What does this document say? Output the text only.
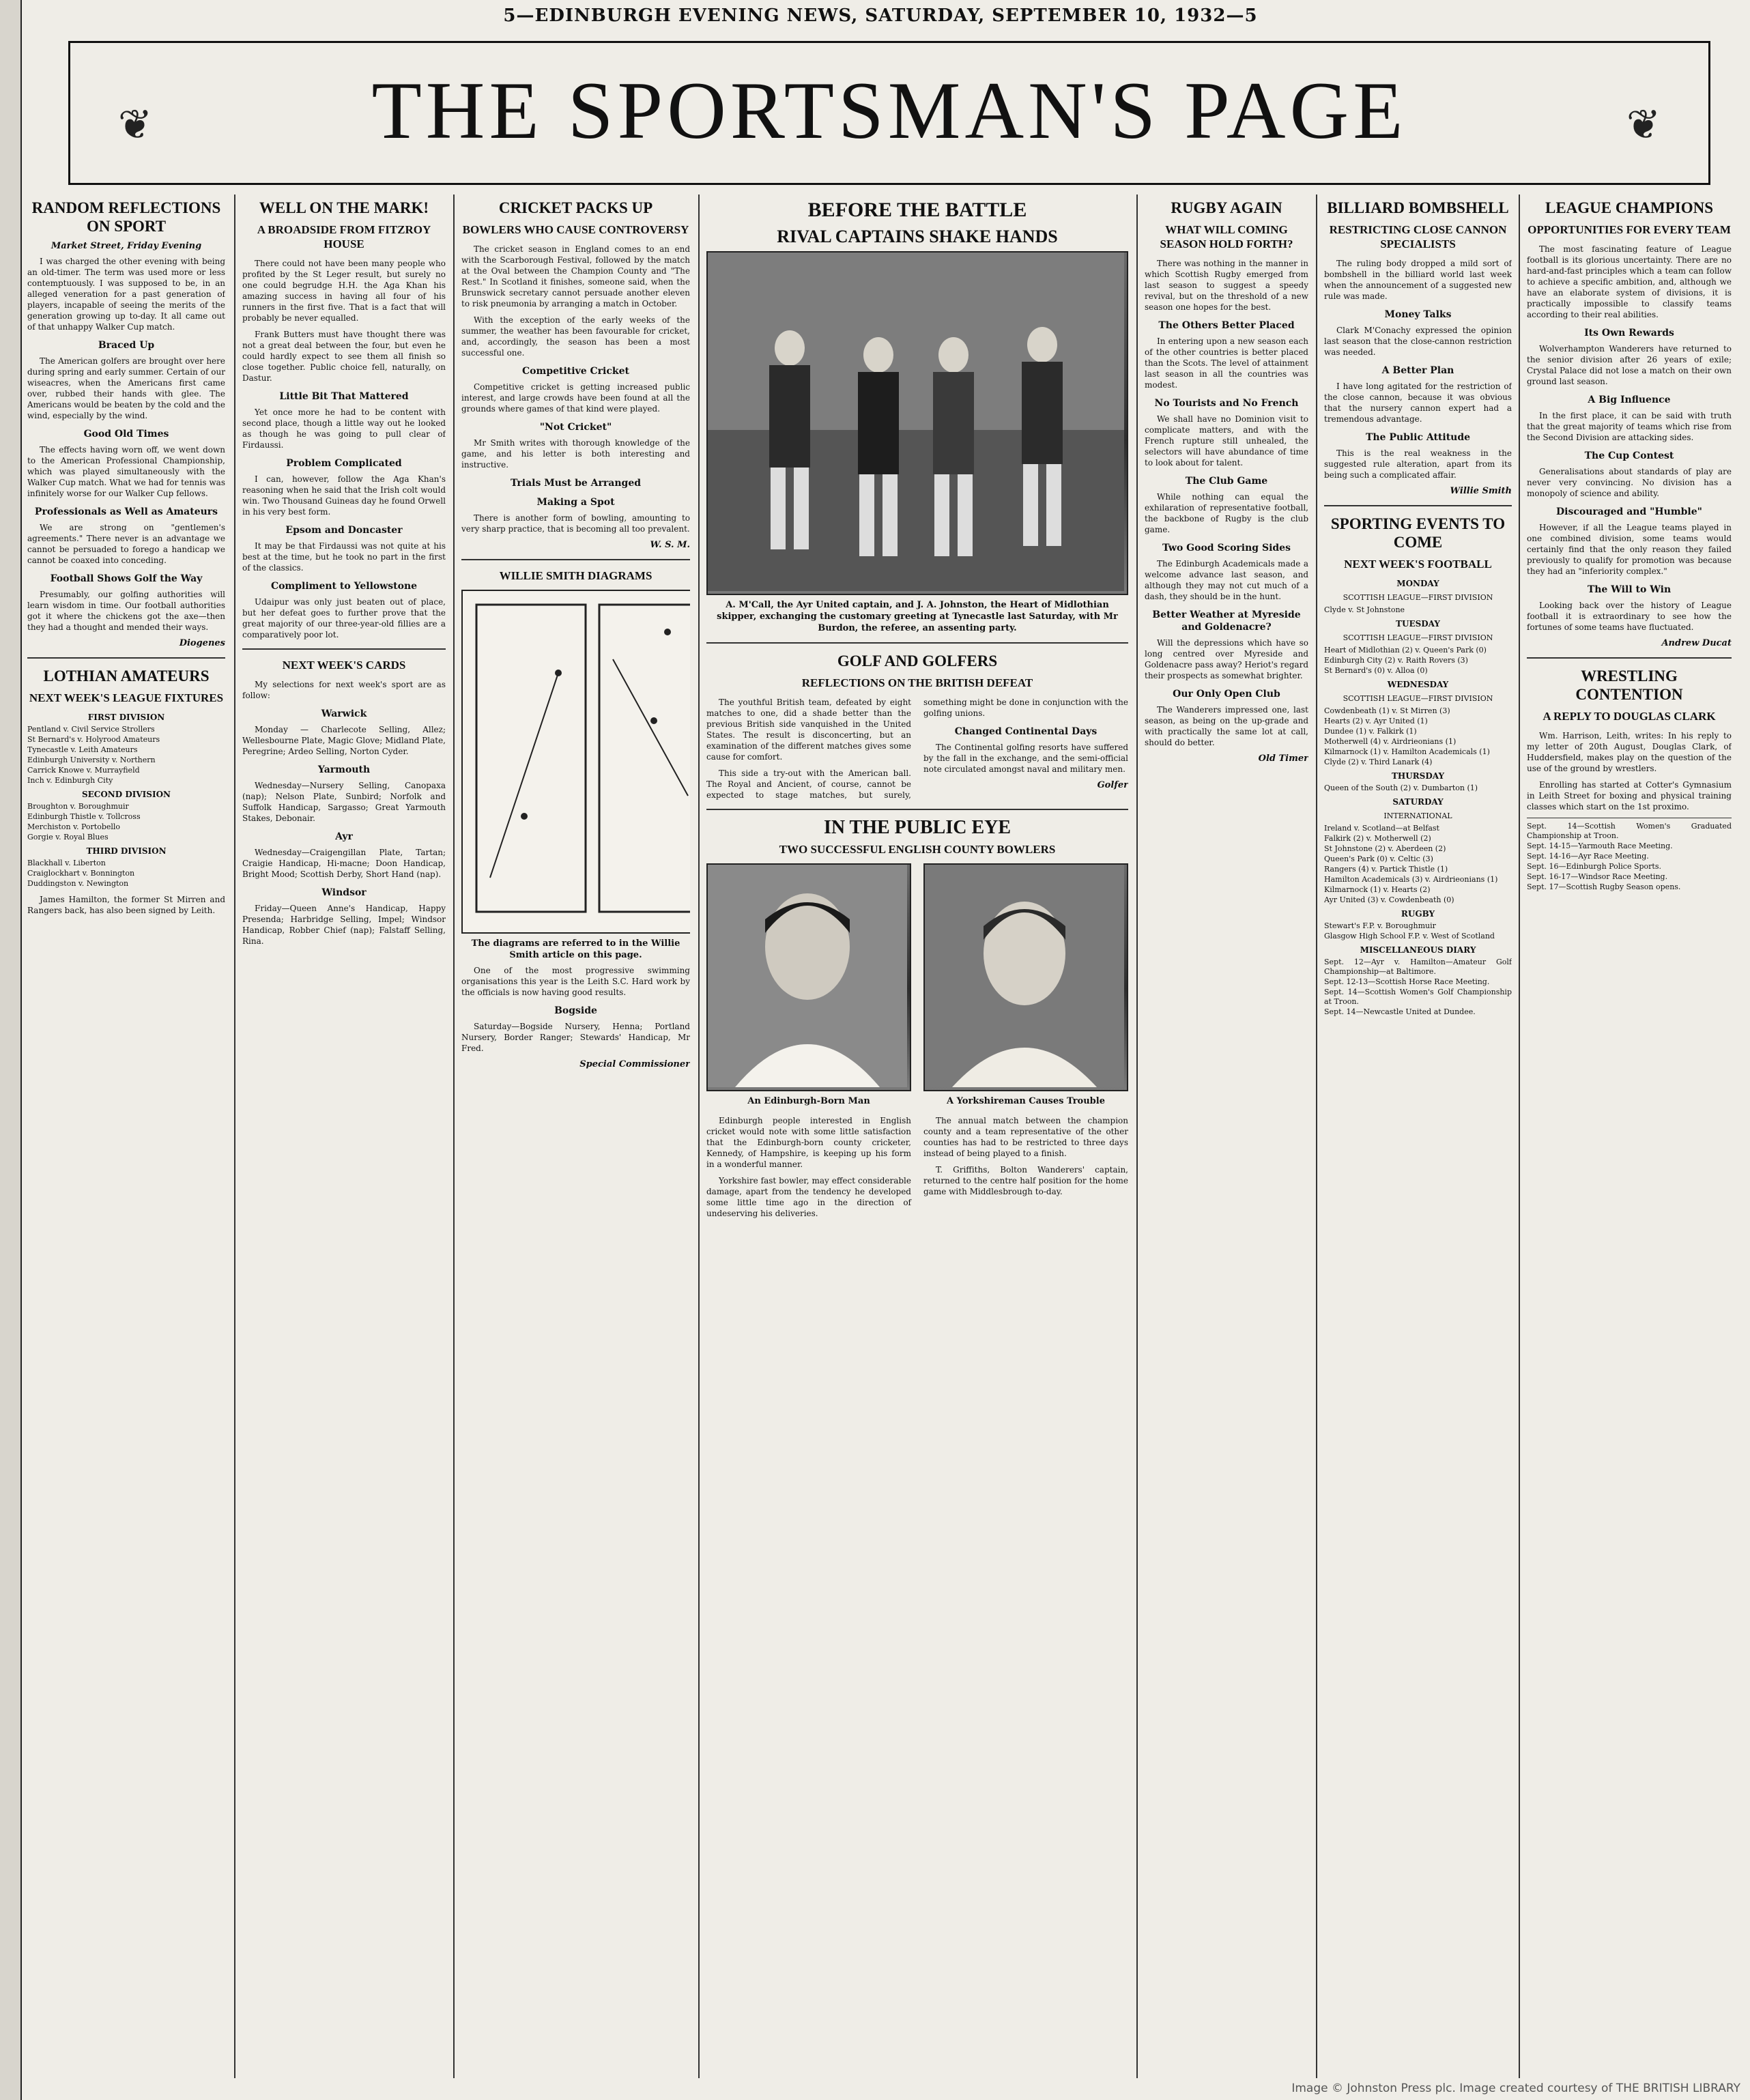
5—EDINBURGH EVENING NEWS, SATURDAY, SEPTEMBER 10, 1932—5
❦	THE SPORTSMAN'S PAGE	❦
RANDOM REFLECTIONS ON SPORT
Market Street, Friday Evening

I was charged the other evening with being an old-timer. The term was used more or less contemptuously. I was supposed to be, in an alleged veneration for a past generation of players, incapable of seeing the merits of the generation growing up to-day. It all came out of that unhappy Walker Cup match.

Braced Up

The American golfers are brought over here during spring and early summer. Certain of our wiseacres, when the Americans first came over, rubbed their hands with glee. The Americans would be beaten by the cold and the wind, especially by the wind.

Good Old Times

The effects having worn off, we went down to the American Professional Championship, which was played simultaneously with the Walker Cup match. What we had for tennis was infinitely worse for our Walker Cup fellows.

Professionals as Well as Amateurs

We are strong on "gentlemen's agreements." There never is an advantage we cannot be persuaded to forego a handicap we cannot be coaxed into conceding.

Football Shows Golf the Way

Presumably, our golfing authorities will learn wisdom in time. Our football authorities got it where the chickens got the axe—then they had a thought and mended their ways.

Diogenes
LOTHIAN AMATEURS
NEXT WEEK'S LEAGUE FIXTURES
FIRST DIVISION
Pentland v. Civil Service Strollers
St Bernard's v. Holyrood Amateurs
Tynecastle v. Leith Amateurs
Edinburgh University v. Northern
Carrick Knowe v. Murrayfield
Inch v. Edinburgh City
SECOND DIVISION
Broughton v. Boroughmuir
Edinburgh Thistle v. Tollcross
Merchiston v. Portobello
Gorgie v. Royal Blues
THIRD DIVISION
Blackhall v. Liberton
Craiglockhart v. Bonnington
Duddingston v. Newington

James Hamilton, the former St Mirren and Rangers back, has also been signed by Leith.

WELL ON THE MARK!
A BROADSIDE FROM FITZROY HOUSE

There could not have been many people who profited by the St Leger result, but surely no one could begrudge H.H. the Aga Khan his amazing success in having all four of his runners in the first five. That is a fact that will probably be never equalled.

Frank Butters must have thought there was not a great deal between the four, but even he could hardly expect to see them all finish so close together. Public choice fell, naturally, on Dastur.

Little Bit That Mattered

Yet once more he had to be content with second place, though a little way out he looked as though he was going to pull clear of Firdaussi.

Problem Complicated

I can, however, follow the Aga Khan's reasoning when he said that the Irish colt would win. Two Thousand Guineas day he found Orwell in his very best form.

Epsom and Doncaster

It may be that Firdaussi was not quite at his best at the time, but he took no part in the first of the classics.

Compliment to Yellowstone

Udaipur was only just beaten out of place, but her defeat goes to further prove that the great majority of our three-year-old fillies are a comparatively poor lot.

NEXT WEEK'S CARDS

My selections for next week's sport are as follow:

Warwick

Monday — Charlecote Selling, Allez; Wellesbourne Plate, Magic Glove; Midland Plate, Peregrine; Ardeo Selling, Norton Cyder.

Yarmouth

Wednesday—Nursery Selling, Canopaxa (nap); Nelson Plate, Sunbird; Norfolk and Suffolk Handicap, Sargasso; Great Yarmouth Stakes, Debonair.

Ayr

Wednesday—Craigengillan Plate, Tartan; Craigie Handicap, Hi-macne; Doon Handicap, Bright Mood; Scottish Derby, Short Hand (nap).

Windsor

Friday—Queen Anne's Handicap, Happy Presenda; Harbridge Selling, Impel; Windsor Handicap, Robber Chief (nap); Falstaff Selling, Rina.

CRICKET PACKS UP
BOWLERS WHO CAUSE CONTROVERSY

The cricket season in England comes to an end with the Scarborough Festival, followed by the match at the Oval between the Champion County and "The Rest." In Scotland it finishes, someone said, when the Brunswick secretary cannot persuade another eleven to risk pneumonia by arranging a match in October.

With the exception of the early weeks of the summer, the weather has been favourable for cricket, and, accordingly, the season has been a most successful one.

Competitive Cricket

Competitive cricket is getting increased public interest, and large crowds have been found at all the grounds where games of that kind were played.

"Not Cricket"

Mr Smith writes with thorough knowledge of the game, and his letter is both interesting and instructive.

Trials Must be Arranged
Making a Spot

There is another form of bowling, amounting to very sharp practice, that is becoming all too prevalent.

W. S. M.
WILLIE SMITH DIAGRAMS
The diagrams are referred to in the Willie Smith article on this page.

One of the most progressive swimming organisations this year is the Leith S.C. Hard work by the officials is now having good results.

Bogside

Saturday—Bogside Nursery, Henna; Portland Nursery, Border Ranger; Stewards' Handicap, Mr Fred.

Special Commissioner
BEFORE THE BATTLE
RIVAL CAPTAINS SHAKE HANDS
A. M'Call, the Ayr United captain, and J. A. Johnston, the Heart of Midlothian skipper, exchanging the customary greeting at Tynecastle last Saturday, with Mr Burdon, the referee, an assenting party.
GOLF AND GOLFERS
REFLECTIONS ON THE BRITISH DEFEAT

The youthful British team, defeated by eight matches to one, did a shade better than the previous British side vanquished in the United States. The result is disconcerting, but an examination of the different matches gives some cause for comfort.

This side a try-out with the American ball. The Royal and Ancient, of course, cannot be expected to stage matches, but surely, something might be done in conjunction with the golfing unions.

Changed Continental Days

The Continental golfing resorts have suffered by the fall in the exchange, and the semi-official note circulated amongst naval and military men.

Golfer
IN THE PUBLIC EYE
TWO SUCCESSFUL ENGLISH COUNTY BOWLERS
An Edinburgh-Born Man	A Yorkshireman Causes Trouble

Edinburgh people interested in English cricket would note with some little satisfaction that the Edinburgh-born county cricketer, Kennedy, of Hampshire, is keeping up his form in a wonderful manner.

Yorkshire fast bowler, may effect considerable damage, apart from the tendency he developed some little time ago in the direction of undeserving his deliveries.

The annual match between the champion county and a team representative of the other counties has had to be restricted to three days instead of being played to a finish.

T. Griffiths, Bolton Wanderers' captain, returned to the centre half position for the home game with Middlesbrough to-day.

RUGBY AGAIN
WHAT WILL COMING SEASON HOLD FORTH?

There was nothing in the manner in which Scottish Rugby emerged from last season to suggest a speedy revival, but on the threshold of a new season one hopes for the best.

The Others Better Placed

In entering upon a new season each of the other countries is better placed than the Scots. The level of attainment last season in all the countries was modest.

No Tourists and No French

We shall have no Dominion visit to complicate matters, and with the French rupture still unhealed, the selectors will have abundance of time to look about for talent.

The Club Game

While nothing can equal the exhilaration of representative football, the backbone of Rugby is the club game.

Two Good Scoring Sides

The Edinburgh Academicals made a welcome advance last season, and although they may not cut much of a dash, they should be in the hunt.

Better Weather at Myreside and Goldenacre?

Will the depressions which have so long centred over Myreside and Goldenacre pass away? Heriot's regard their prospects as somewhat brighter.

Our Only Open Club

The Wanderers impressed one, last season, as being on the up-grade and with practically the same lot at call, should do better.

Old Timer
BILLIARD BOMBSHELL
RESTRICTING CLOSE CANNON SPECIALISTS

The ruling body dropped a mild sort of bombshell in the billiard world last week when the announcement of a suggested new rule was made.

Money Talks

Clark M'Conachy expressed the opinion last season that the close-cannon restriction was needed.

A Better Plan

I have long agitated for the restriction of the close cannon, because it was obvious that the nursery cannon expert had a tremendous advantage.

The Public Attitude

This is the real weakness in the suggested rule alteration, apart from its being such a complicated affair.

Willie Smith
SPORTING EVENTS TO COME
NEXT WEEK'S FOOTBALL
MONDAY
SCOTTISH LEAGUE—FIRST DIVISION
Clyde v. St Johnstone
TUESDAY
SCOTTISH LEAGUE—FIRST DIVISION
Heart of Midlothian (2) v. Queen's Park (0)
Edinburgh City (2) v. Raith Rovers (3)
St Bernard's (0) v. Alloa (0)
WEDNESDAY
SCOTTISH LEAGUE—FIRST DIVISION
Cowdenbeath (1) v. St Mirren (3)
Hearts (2) v. Ayr United (1)
Dundee (1) v. Falkirk (1)
Motherwell (4) v. Airdrieonians (1)
Kilmarnock (1) v. Hamilton Academicals (1)
Clyde (2) v. Third Lanark (4)
THURSDAY
Queen of the South (2) v. Dumbarton (1)
SATURDAY
INTERNATIONAL
Ireland v. Scotland—at Belfast
Falkirk (2) v. Motherwell (2)
St Johnstone (2) v. Aberdeen (2)
Queen's Park (0) v. Celtic (3)
Rangers (4) v. Partick Thistle (1)
Hamilton Academicals (3) v. Airdrieonians (1)
Kilmarnock (1) v. Hearts (2)
Ayr United (3) v. Cowdenbeath (0)
RUGBY
Stewart's F.P. v. Boroughmuir
Glasgow High School F.P. v. West of Scotland
MISCELLANEOUS DIARY
Sept. 12—Ayr v. Hamilton—Amateur Golf Championship—at Baltimore.
Sept. 12-13—Scottish Horse Race Meeting.
Sept. 14—Scottish Women's Golf Championship at Troon.
Sept. 14—Newcastle United at Dundee.
LEAGUE CHAMPIONS
OPPORTUNITIES FOR EVERY TEAM

The most fascinating feature of League football is its glorious uncertainty. There are no hard-and-fast principles which a team can follow to achieve a specific ambition, and, although we have an elaborate system of divisions, it is practically impossible to classify teams according to their real abilities.

Its Own Rewards

Wolverhampton Wanderers have returned to the senior division after 26 years of exile; Crystal Palace did not lose a match on their own ground last season.

A Big Influence

In the first place, it can be said with truth that the great majority of teams which rise from the Second Division are attacking sides.

The Cup Contest

Generalisations about standards of play are never very convincing. No division has a monopoly of science and ability.

Discouraged and "Humble"

However, if all the League teams played in one combined division, some teams would certainly find that the only reason they failed previously to qualify for promotion was because they had an "inferiority complex."

The Will to Win

Looking back over the history of League football it is extraordinary to see how the fortunes of some teams have fluctuated.

Andrew Ducat
WRESTLING CONTENTION
A REPLY TO DOUGLAS CLARK

Wm. Harrison, Leith, writes: In his reply to my letter of 20th August, Douglas Clark, of Huddersfield, makes play on the question of the use of the ground by wrestlers.

Enrolling has started at Cotter's Gymnasium in Leith Street for boxing and physical training classes which start on the 1st proximo.

Sept. 14—Scottish Women's Graduated Championship at Troon.
Sept. 14-15—Yarmouth Race Meeting.
Sept. 14-16—Ayr Race Meeting.
Sept. 16—Edinburgh Police Sports.
Sept. 16-17—Windsor Race Meeting.
Sept. 17—Scottish Rugby Season opens.
Image © Johnston Press plc. Image created courtesy of THE BRITISH LIBRARY
